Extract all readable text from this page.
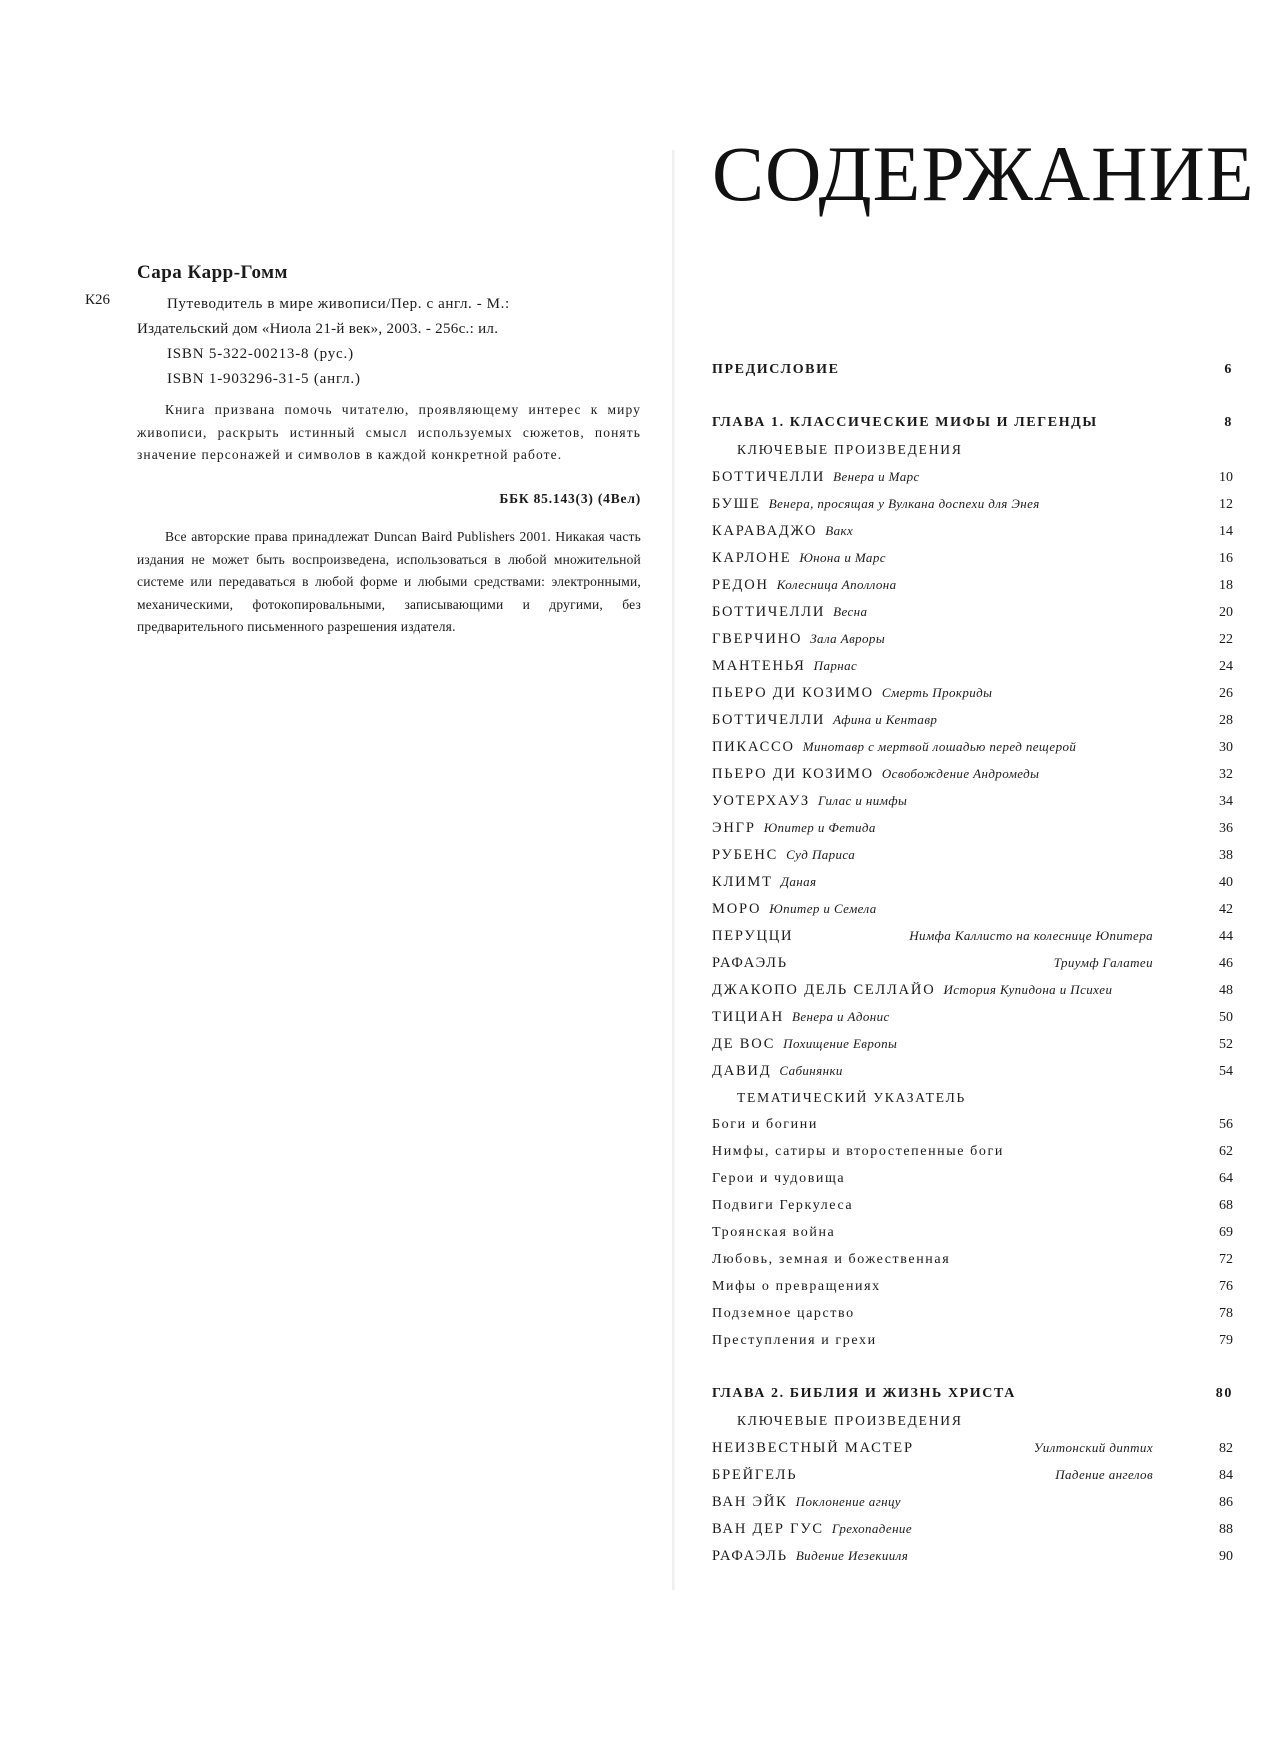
Сара Карр-Гомм
К26	Путеводитель в мире живописи/Пер. с англ. - М.:
Издательский дом «Ниола 21-й век», 2003. - 256с.: ил.
ISBN 5-322-00213-8 (рус.)
ISBN 1-903296-31-5 (англ.)
Книга призвана помочь читателю, проявляющему интерес к миру живописи, раскрыть истинный смысл используемых сюжетов, понять значение персонажей и символов в каждой конкретной работе.
ББК 85.143(3) (4Вел)
Все авторские права принадлежат Duncan Baird Publishers 2001. Никакая часть издания не может быть воспроизведена, использоваться в любой множительной системе или передаваться в любой форме и любыми средствами: электронными, механическими, фотокопировальными, записывающими и другими, без предварительного письменного разрешения издателя.
СОДЕРЖАНИЕ
ПРЕДИСЛОВИЕ	6
ГЛАВА 1. КЛАССИЧЕСКИЕ МИФЫ И ЛЕГЕНДЫ	8
КЛЮЧЕВЫЕ ПРОИЗВЕДЕНИЯ
БОТТИЧЕЛЛИ Венера и Марс	10
БУШЕ Венера, просящая у Вулкана доспехи для Энея	12
КАРАВАДЖО Вакх	14
КАРЛОНЕ Юнона и Марс	16
РЕДОН Колесница Аполлона	18
БОТТИЧЕЛЛИ Весна	20
ГВЕРЧИНО Зала Авроры	22
МАНТЕНЬЯ Парнас	24
ПЬЕРО ДИ КОЗИМО Смерть Прокриды	26
БОТТИЧЕЛЛИ Афина и Кентавр	28
ПИКАССО Минотавр с мертвой лошадью перед пещерой	30
ПЬЕРО ДИ КОЗИМО Освобождение Андромеды	32
УОТЕРХАУЗ Гилас и нимфы	34
ЭНГР Юпитер и Фетида	36
РУБЕНС Суд Париса	38
КЛИМТ Даная	40
МОРО Юпитер и Семела	42
ПЕРУЦЦИ	Нимфа Каллисто на колеснице Юпитера	44
РАФАЭЛЬ	Триумф Галатеи	46
ДЖАКОПО ДЕЛЬ СЕЛЛАЙО История Купидона и Психеи	48
ТИЦИАН Венера и Адонис	50
ДЕ ВОС Похищение Европы	52
ДАВИД Сабинянки	54
ТЕМАТИЧЕСКИЙ УКАЗАТЕЛЬ
Боги и богини	56
Нимфы, сатиры и второстепенные боги	62
Герои и чудовища	64
Подвиги Геркулеса	68
Троянская война	69
Любовь, земная и божественная	72
Мифы о превращениях	76
Подземное царство	78
Преступления и грехи	79
ГЛАВА 2. БИБЛИЯ И ЖИЗНЬ ХРИСТА	80
КЛЮЧЕВЫЕ ПРОИЗВЕДЕНИЯ
НЕИЗВЕСТНЫЙ МАСТЕР	Уилтонский диптих	82
БРЕЙГЕЛЬ	Падение ангелов	84
ВАН ЭЙК Поклонение агнцу	86
ВАН ДЕР ГУС Грехопадение	88
РАФАЭЛЬ Видение Иезекииля	90
